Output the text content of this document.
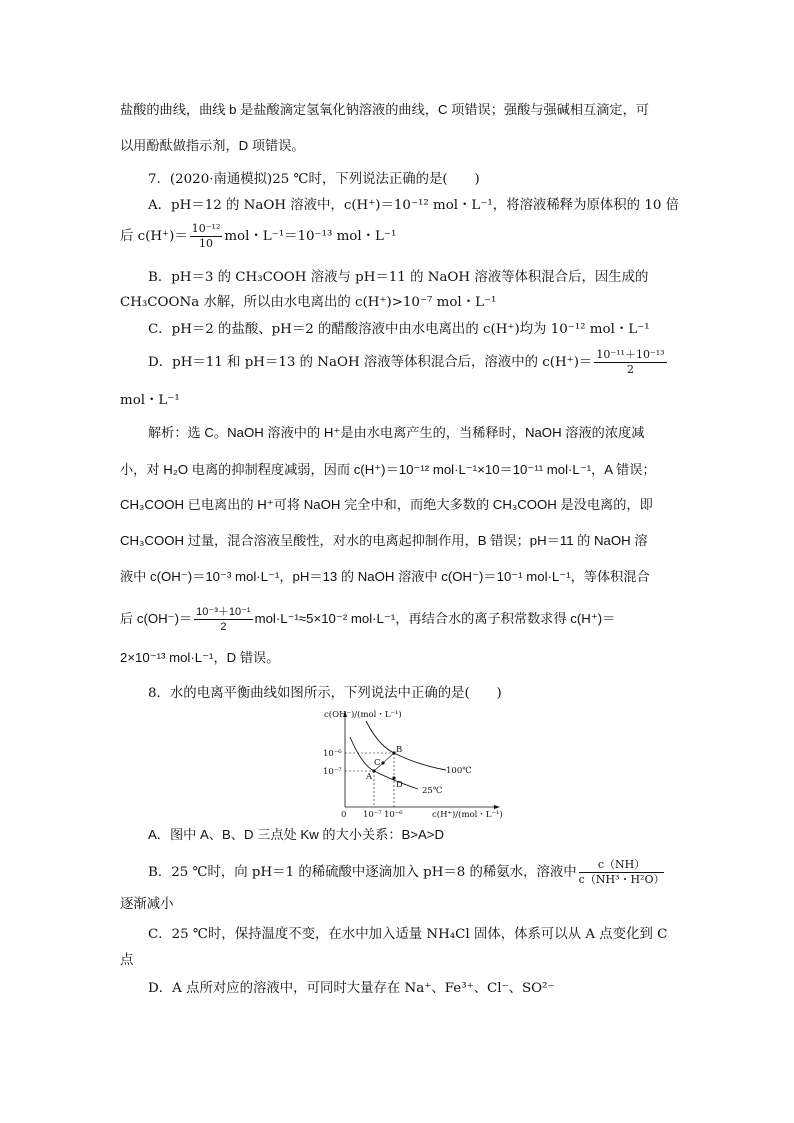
盐酸的曲线，曲线 b 是盐酸滴定氢氧化钠溶液的曲线，C 项错误；强酸与强碱相互滴定，可
以用酚酞做指示剂，D 项错误。
7．(2020·南通模拟)25 ℃时，下列说法正确的是(　　)
A．pH＝12 的 NaOH 溶液中，c(H⁺)＝10⁻¹² mol・L⁻¹，将溶液稀释为原体积的 10 倍
后 $c(H^+)= \frac{\text{10⁻¹²}}{10}$ mol・L⁻¹＝10⁻¹³ mol・L⁻¹
B．pH＝3 的 CH₃COOH 溶液与 pH＝11 的 NaOH 溶液等体积混合后，因生成的
CH₃COONa 水解，所以由水电离出的 c(H⁺)>10⁻⁷ mol・L⁻¹
C．pH＝2 的盐酸、pH＝2 的醋酸溶液中由水电离出的 c(H⁺)均为 10⁻¹² mol・L⁻¹
D．pH＝11 和 pH＝13 的 NaOH 溶液等体积混合后，溶液中的 $c(H^+)= \frac{\text{10⁻¹¹＋10⁻¹³}}{2}$
mol・L⁻¹
解析：选 C。NaOH 溶液中的 H⁺是由水电离产生的，当稀释时，NaOH 溶液的浓度减
小，对 H₂O 电离的抑制程度减弱，因而 c(H⁺)＝10⁻¹² mol·L⁻¹×10＝10⁻¹¹ mol·L⁻¹，A 错误；
CH₃COOH 已电离出的 H⁺可将 NaOH 完全中和，而绝大多数的 CH₃COOH 是没电离的，即
CH₃COOH 过量，混合溶液呈酸性，对水的电离起抑制作用，B 错误；pH＝11 的 NaOH 溶
液中 c(OH⁻)＝10⁻³ mol·L⁻¹，pH＝13 的 NaOH 溶液中 c(OH⁻)＝10⁻¹ mol·L⁻¹，等体积混合
后 $c(OH^-)= \frac{\text{10⁻³＋10⁻¹}}{2} mol\cdot L^{-1}\approx 5\times 10^{-2}$ mol·L⁻¹，再结合水的离子积常数求得 c(H⁺)＝
2×10⁻¹³ mol·L⁻¹，D 错误。
8．水的电离平衡曲线如图所示，下列说法中正确的是(　　)
c(OH⁻)/(mol・L⁻¹)
c(H⁺)/(mol・L⁻¹)
0 10⁻⁷ 10⁻⁶
10⁻⁶
10⁻⁷	A
B
C
D
100℃
25℃
A．图中 A、B、D 三点处 Kw 的大小关系：B>A>D
B．25 ℃时，向 pH＝1 的稀硫酸中逐滴加入 pH＝8 的稀氨水，溶液中 $\frac{c(NH)}{\text{c（NH³・H²O）}}$
逐渐减小
C．25 ℃时，保持温度不变，在水中加入适量 NH₄Cl 固体，体系可以从 A 点变化到 C
点
D．A 点所对应的溶液中，可同时大量存在 Na⁺、Fe³⁺、Cl⁻、SO²⁻
